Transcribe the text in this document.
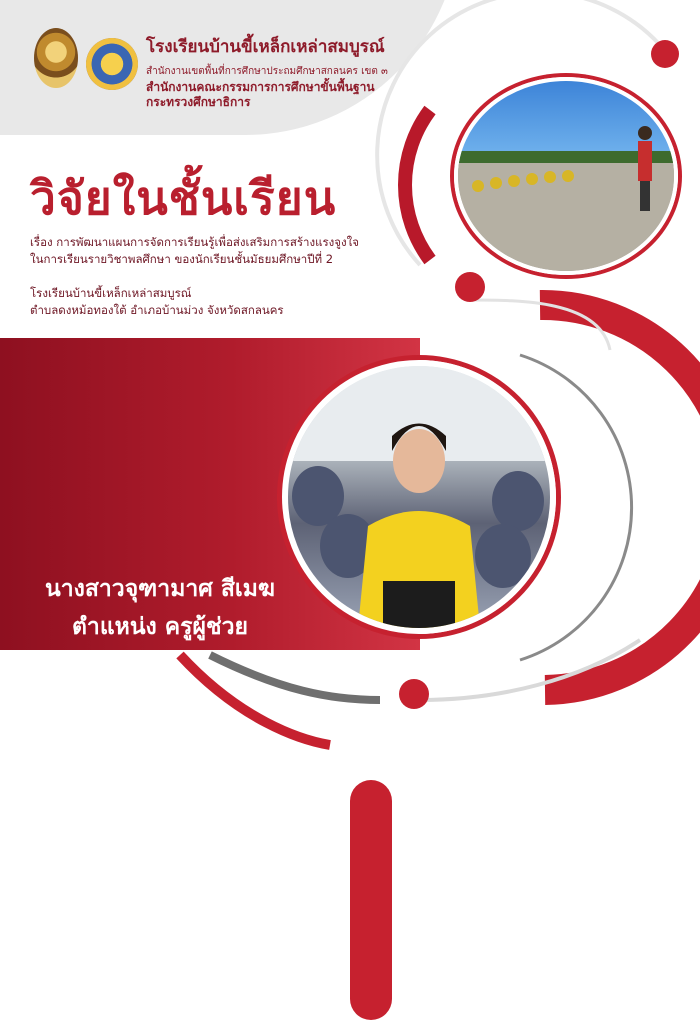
โรงเรียนบ้านขี้เหล็กเหล่าสมบูรณ์
สำนักงานเขตพื้นที่การศึกษาประถมศึกษาสกลนคร เขต ๓
สำนักงานคณะกรรมการการศึกษาขั้นพื้นฐาน
กระทรวงศึกษาธิการ
วิจัยในชั้นเรียน
เรื่อง การพัฒนาแผนการจัดการเรียนรู้เพื่อส่งเสริมการสร้างแรงจูงใจ
ในการเรียนรายวิชาพลศึกษา ของนักเรียนชั้นมัธยมศึกษาปีที่ 2
โรงเรียนบ้านขี้เหล็กเหล่าสมบูรณ์
ตำบลดงหม้อทองใต้ อำเภอบ้านม่วง จังหวัดสกลนคร
นางสาวจุฑามาศ สีเมฆ
ตำแหน่ง ครูผู้ช่วย
